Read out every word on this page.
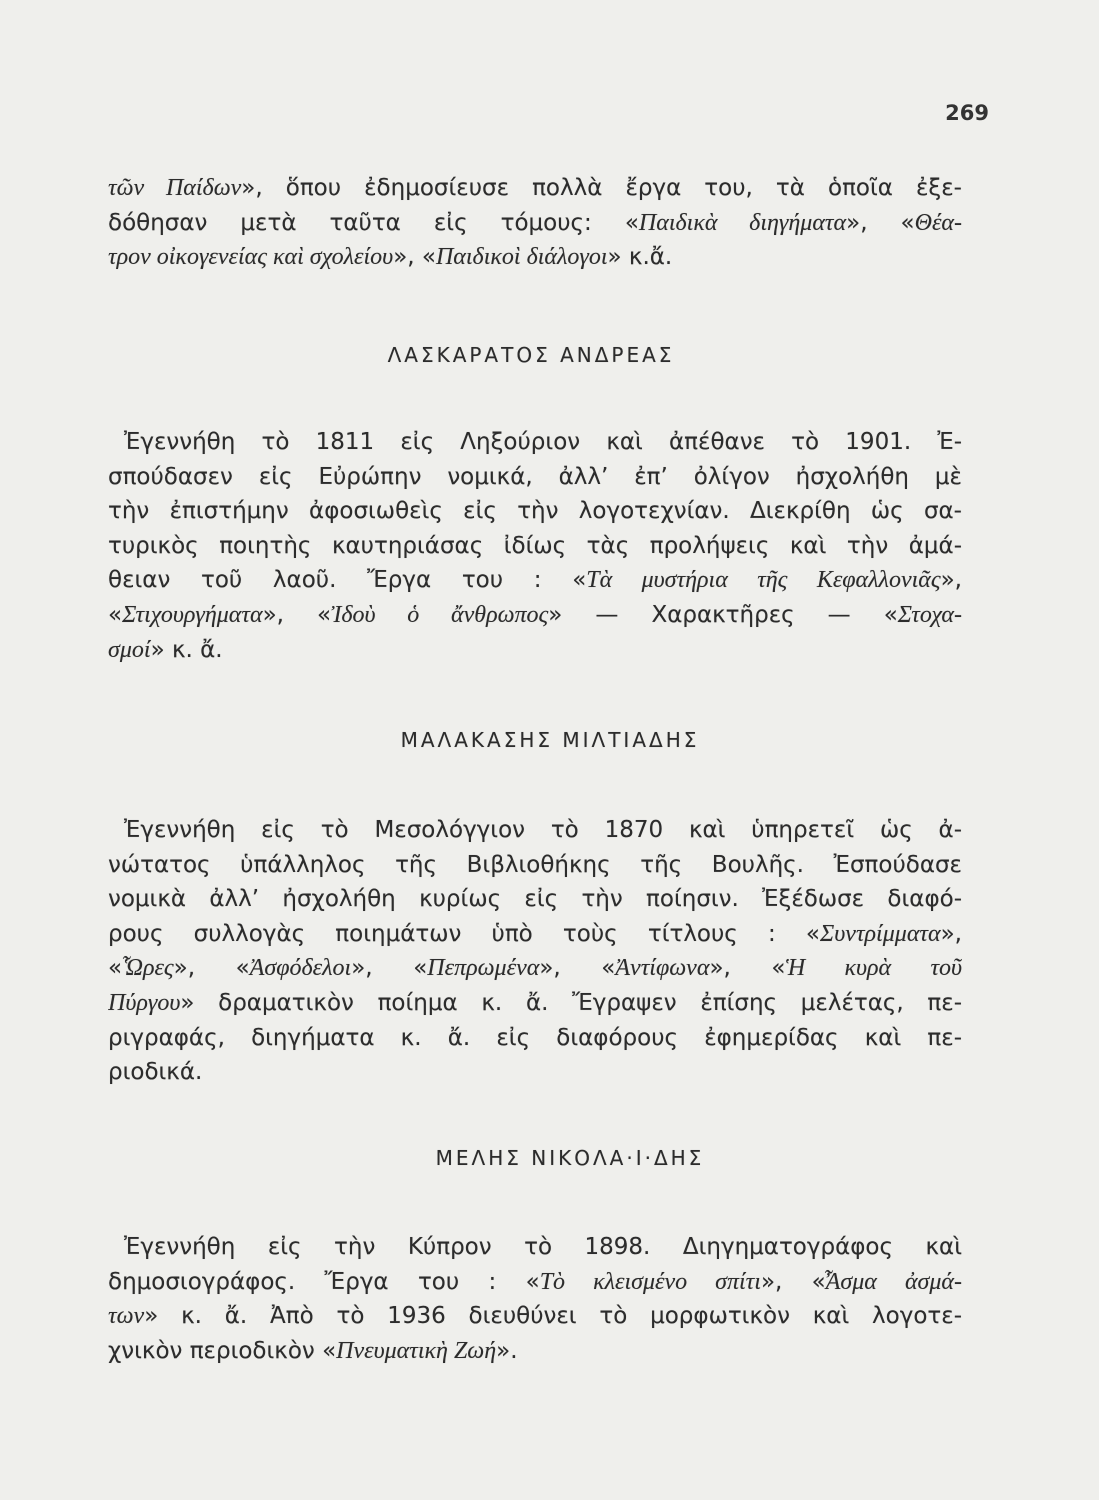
269
τῶν Παίδων», ὅπου ἐδημοσίευσε πολλὰ ἔργα του, τὰ ὁποῖα ἐξε-
δόθησαν μετὰ ταῦτα εἰς τόμους: «Παιδικὰ διηγήματα», «Θέα-
τρον οἰκογενείας καὶ σχολείου», «Παιδικοὶ διάλογοι» κ.ἄ.
ΛΑΣΚΑΡΑΤΟΣ ΑΝΔΡΕΑΣ
Ἐγεννήθη τὸ 1811 εἰς Ληξούριον καὶ ἀπέθανε τὸ 1901. Ἐ-
σπούδασεν εἰς Εὐρώπην νομικά, ἀλλ’ ἐπ’ ὀλίγον ἠσχολήθη μὲ
τὴν ἐπιστήμην ἀφοσιωθεὶς εἰς τὴν λογοτεχνίαν. Διεκρίθη ὡς σα-
τυρικὸς ποιητὴς καυτηριάσας ἰδίως τὰς προλήψεις καὶ τὴν ἀμά-
θειαν τοῦ λαοῦ. Ἔργα του : «Τὰ μυστήρια τῆς Κεφαλλονιᾶς»,
«Στιχουργήματα», «Ἰδοὺ ὁ ἄνθρωπος» — Χαρακτῆρες — «Στοχα-
σμοί» κ. ἄ.
ΜΑΛΑΚΑΣΗΣ ΜΙΛΤΙΑΔΗΣ
Ἐγεννήθη εἰς τὸ Μεσολόγγιον τὸ 1870 καὶ ὑπηρετεῖ ὡς ἀ-
νώτατος ὑπάλληλος τῆς Βιβλιοθήκης τῆς Βουλῆς. Ἐσπούδασε
νομικὰ ἀλλ’ ἠσχολήθη κυρίως εἰς τὴν ποίησιν. Ἐξέδωσε διαφό-
ρους συλλογὰς ποιημάτων ὑπὸ τοὺς τίτλους : «Συντρίμματα»,
«Ὧρες», «Ἀσφόδελοι», «Πεπρωμένα», «Ἀντίφωνα», «Ἡ κυρὰ τοῦ
Πύργου» δραματικὸν ποίημα κ. ἄ. Ἔγραψεν ἐπίσης μελέτας, πε-
ριγραφάς, διηγήματα κ. ἄ. εἰς διαφόρους ἐφημερίδας καὶ πε-
ριοδικά.
ΜΕΛΗΣ ΝΙΚΟΛΑ·Ι·ΔΗΣ
Ἐγεννήθη εἰς τὴν Κύπρον τὸ 1898. Διηγηματογράφος καὶ
δημοσιογράφος. Ἔργα του : «Τὸ κλεισμένο σπίτι», «Ἆσμα ἀσμά-
των» κ. ἄ. Ἀπὸ τὸ 1936 διευθύνει τὸ μορφωτικὸν καὶ λογοτε-
χνικὸν περιοδικὸν «Πνευματικὴ Ζωή».
